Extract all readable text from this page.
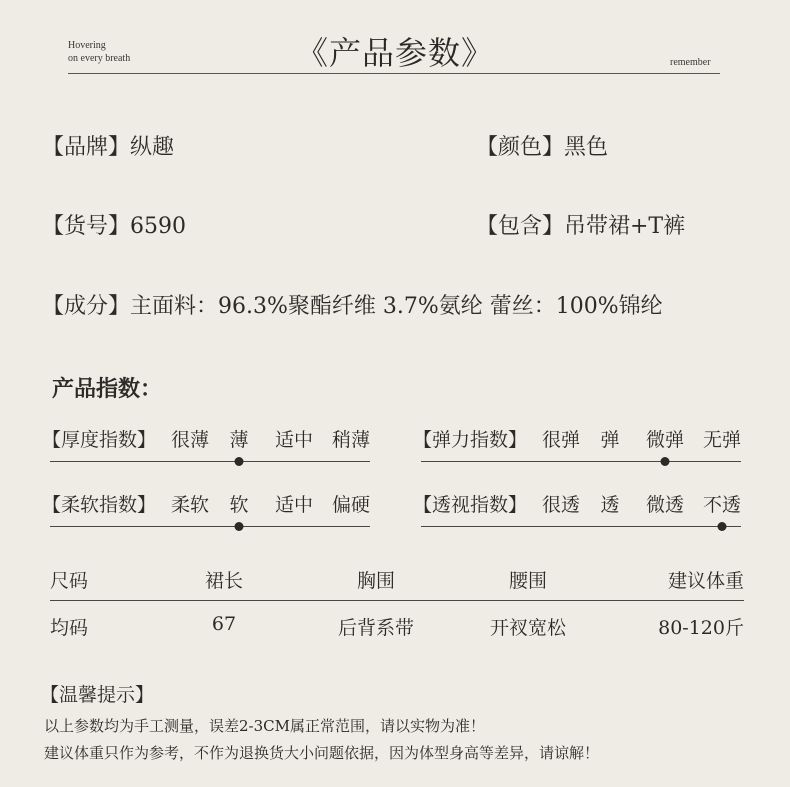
Hovering
on every breath	《产品参数》	remember
【品牌】纵趣	【颜色】黑色
【货号】6590	【包含】吊带裙+T裤
【成分】主面料：96.3%聚酯纤维 3.7%氨纶 蕾丝：100%锦纶
产品指数：
【厚度指数】 很薄 薄 适中 稍薄 【弹力指数】 很弹 弹 微弹 无弹
【柔软指数】 柔软 软 适中 偏硬 【透视指数】 很透 透 微透 不透
尺码	裙长	胸围	腰围	建议体重
均码	67	后背系带	开衩宽松	80-120斤
【温馨提示】
以上参数均为手工测量，误差2-3CM属正常范围，请以实物为准！
建议体重只作为参考，不作为退换货大小问题依据，因为体型身高等差异，请谅解！
